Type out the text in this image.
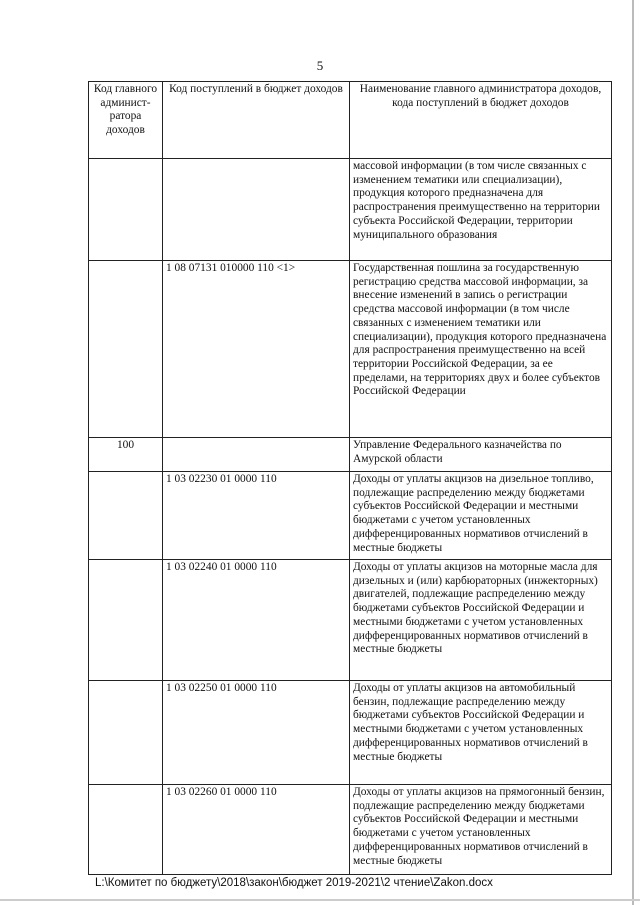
5
Код главного админист-ратора доходов	Код поступлений в бюджет доходов	Наименование главного администратора доходов, кода поступлений в бюджет доходов
		массовой информации (в том числе связанных с изменением тематики или специализации), продукция которого предназначена для распространения преимущественно на территории субъекта Российской Федерации, территории муниципального образования
	1 08 07131 010000 110 <1>	Государственная пошлина за государственную регистрацию средства массовой информации, за внесение изменений в запись о регистрации средства массовой информации (в том числе связанных с изменением тематики или специализации), продукция которого предназначена для распространения преимущественно на всей территории Российской Федерации, за ее пределами, на территориях двух и более субъектов Российской Федерации
100		Управление Федерального казначейства по Амурской области
	1 03 02230 01 0000 110	Доходы от уплаты акцизов на дизельное топливо, подлежащие распределению между бюджетами субъектов Российской Федерации и местными бюджетами с учетом установленных дифференцированных нормативов отчислений в местные бюджеты
	1 03 02240 01 0000 110	Доходы от уплаты акцизов на моторные масла для дизельных и (или) карбюраторных (инжекторных) двигателей, подлежащие распределению между бюджетами субъектов Российской Федерации и местными бюджетами с учетом установленных дифференцированных нормативов отчислений в местные бюджеты
	1 03 02250 01 0000 110	Доходы от уплаты акцизов на автомобильный бензин, подлежащие распределению между бюджетами субъектов Российской Федерации и местными бюджетами с учетом установленных дифференцированных нормативов отчислений в местные бюджеты
	1 03 02260 01 0000 110	Доходы от уплаты акцизов на прямогонный бензин, подлежащие распределению между бюджетами субъектов Российской Федерации и местными бюджетами с учетом установленных дифференцированных нормативов отчислений в местные бюджеты
L:\Комитет по бюджету\2018\закон\бюджет 2019-2021\2 чтение\Zakon.docx
